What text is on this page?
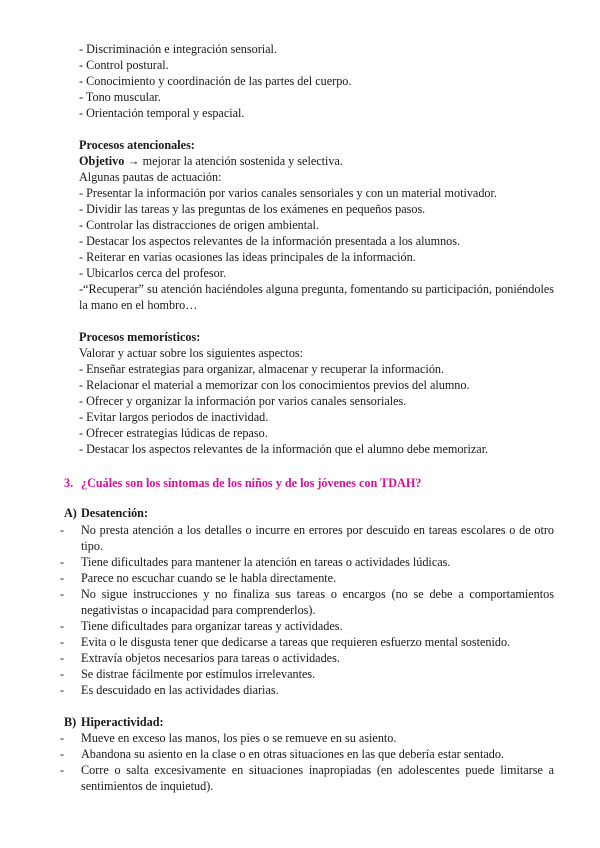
- Discriminación e integración sensorial.
- Control postural.
- Conocimiento y coordinación de las partes del cuerpo.
- Tono muscular.
- Orientación temporal y espacial.
Procesos atencionales:
Objetivo → mejorar la atención sostenida y selectiva.
Algunas pautas de actuación:
- Presentar la información por varios canales sensoriales y con un material motivador.
- Dividir las tareas y las preguntas de los exámenes en pequeños pasos.
- Controlar las distracciones de origen ambiental.
- Destacar los aspectos relevantes de la información presentada a los alumnos.
- Reiterar en varias ocasiones las ideas principales de la información.
- Ubicarlos cerca del profesor.
-“Recuperar” su atención haciéndoles alguna pregunta, fomentando su participación, poniéndoles la mano en el hombro…
Procesos memorísticos:
Valorar y actuar sobre los siguientes aspectos:
- Enseñar estrategias para organizar, almacenar y recuperar la información.
- Relacionar el material a memorizar con los conocimientos previos del alumno.
- Ofrecer y organizar la información por varios canales sensoriales.
- Evitar largos periodos de inactividad.
- Ofrecer estrategias lúdicas de repaso.
- Destacar los aspectos relevantes de la información que el alumno debe memorizar.
3. ¿Cuáles son los síntomas de los niños y de los jóvenes con TDAH?
A) Desatención:
- No presta atención a los detalles o incurre en errores por descuido en tareas escolares o de otro tipo.
- Tiene dificultades para mantener la atención en tareas o actividades lúdicas.
- Parece no escuchar cuando se le habla directamente.
- No sigue instrucciones y no finaliza sus tareas o encargos (no se debe a comportamientos negativistas o incapacidad para comprenderlos).
- Tiene dificultades para organizar tareas y actividades.
- Evita o le disgusta tener que dedicarse a tareas que requieren esfuerzo mental sostenido.
- Extravía objetos necesarios para tareas o actividades.
- Se distrae fácilmente por estímulos irrelevantes.
- Es descuidado en las actividades diarias.
B) Hiperactividad:
- Mueve en exceso las manos, los pies o se remueve en su asiento.
- Abandona su asiento en la clase o en otras situaciones en las que debería estar sentado.
- Corre o salta excesivamente en situaciones inapropiadas (en adolescentes puede limitarse a sentimientos de inquietud).
